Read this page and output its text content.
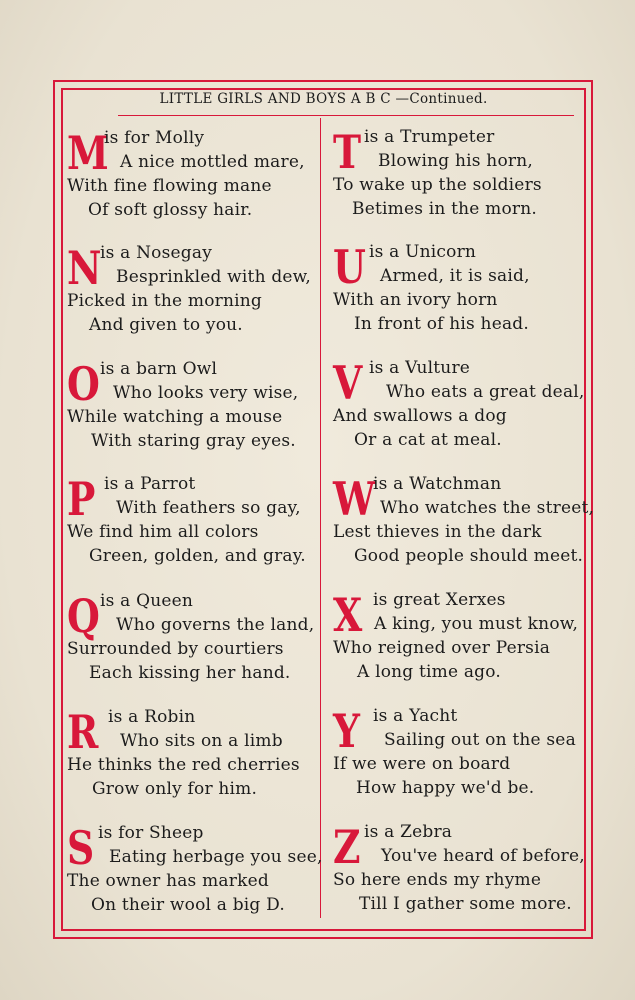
LITTLE GIRLS AND BOYS A B C —Continued.
M
is for Molly
A nice mottled mare,
With fine flowing mane
Of soft glossy hair.
N
is a Nosegay
Besprinkled with dew,
Picked in the morning
And given to you.
O is a barn Owl
Who looks very wise,
While watching a mouse
With staring gray eyes.
P is a Parrot
With feathers so gay,
We find him all colors
Green, golden, and gray.
Q is a Queen
Who governs the land,
Surrounded by courtiers
Each kissing her hand.
R is a Robin
Who sits on a limb
He thinks the red cherries
Grow only for him.
S is for Sheep
Eating herbage you see,
The owner has marked
On their wool a big D.
T is a Trumpeter
Blowing his horn,
To wake up the soldiers
Betimes in the morn.
U is a Unicorn
Armed, it is said,
With an ivory horn
In front of his head.
V is a Vulture
Who eats a great deal,
And swallows a dog
Or a cat at meal.
W
is a Watchman
Who watches the street,
Lest thieves in the dark
Good people should meet.
X is great Xerxes
A king, you must know,
Who reigned over Persia
A long time ago.
Y is a Yacht
Sailing out on the sea
If we were on board
How happy we'd be.
Z is a Zebra
You've heard of before,
So here ends my rhyme
Till I gather some more.
